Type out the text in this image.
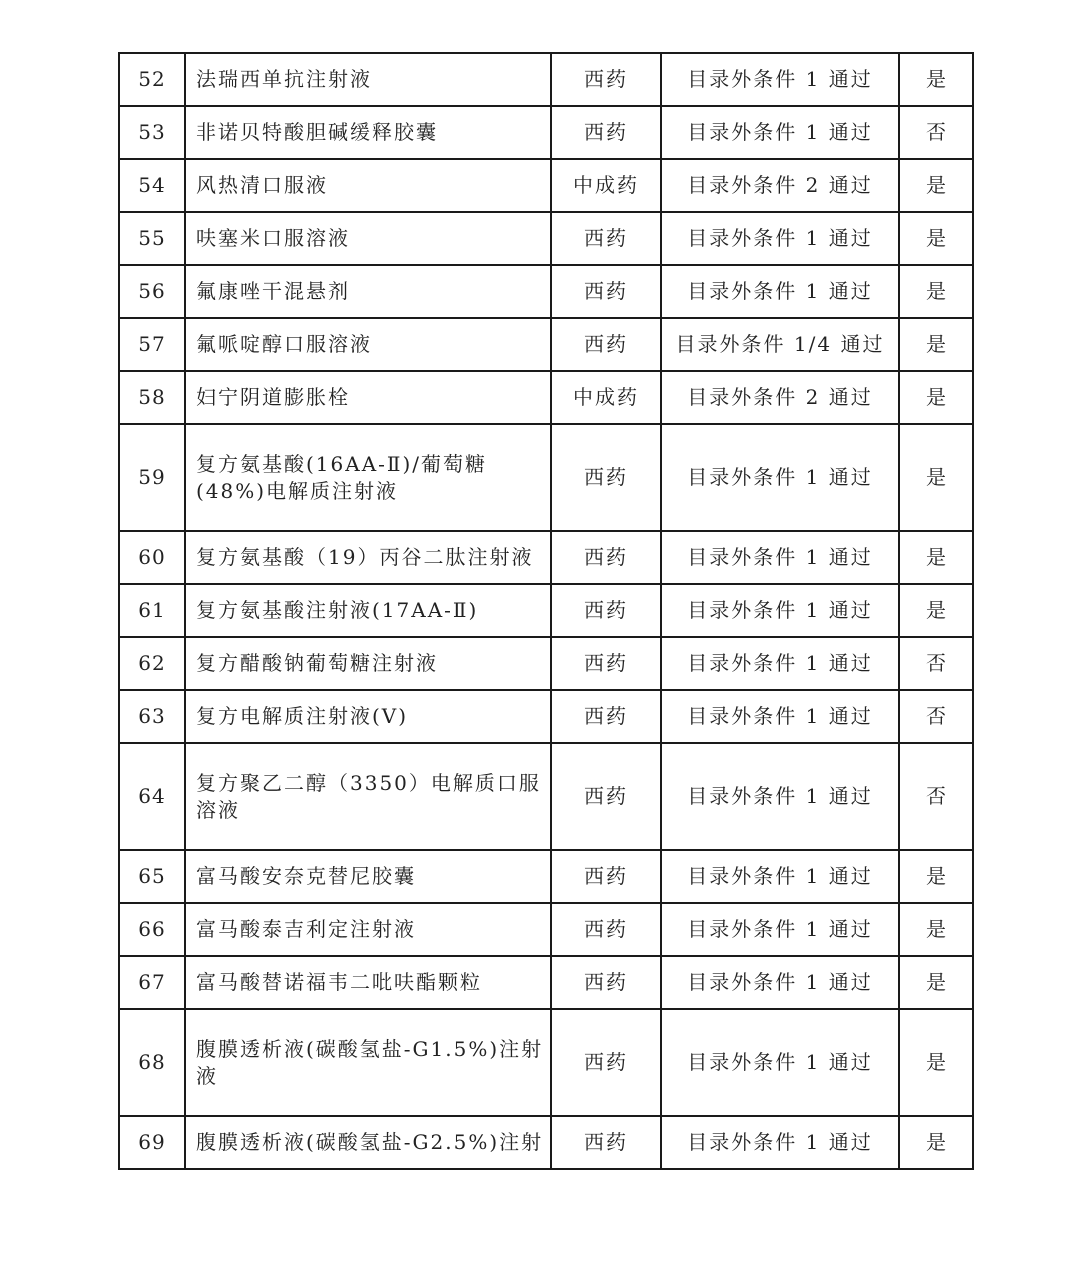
52	法瑞西单抗注射液	西药	目录外条件 1 通过	是
53	非诺贝特酸胆碱缓释胶囊	西药	目录外条件 1 通过	否
54	风热清口服液	中成药	目录外条件 2 通过	是
55	呋塞米口服溶液	西药	目录外条件 1 通过	是
56	氟康唑干混悬剂	西药	目录外条件 1 通过	是
57	氟哌啶醇口服溶液	西药	目录外条件 1/4 通过	是
58	妇宁阴道膨胀栓	中成药	目录外条件 2 通过	是
59	复方氨基酸(16AA-Ⅱ)/葡萄糖(48%)电解质注射液	西药	目录外条件 1 通过	是
60	复方氨基酸（19）丙谷二肽注射液	西药	目录外条件 1 通过	是
61	复方氨基酸注射液(17AA-Ⅱ)	西药	目录外条件 1 通过	是
62	复方醋酸钠葡萄糖注射液	西药	目录外条件 1 通过	否
63	复方电解质注射液(Ⅴ)	西药	目录外条件 1 通过	否
64	复方聚乙二醇（3350）电解质口服溶液	西药	目录外条件 1 通过	否
65	富马酸安奈克替尼胶囊	西药	目录外条件 1 通过	是
66	富马酸泰吉利定注射液	西药	目录外条件 1 通过	是
67	富马酸替诺福韦二吡呋酯颗粒	西药	目录外条件 1 通过	是
68	腹膜透析液(碳酸氢盐-G1.5%)注射液	西药	目录外条件 1 通过	是
69	腹膜透析液(碳酸氢盐-G2.5%)注射	西药	目录外条件 1 通过	是
